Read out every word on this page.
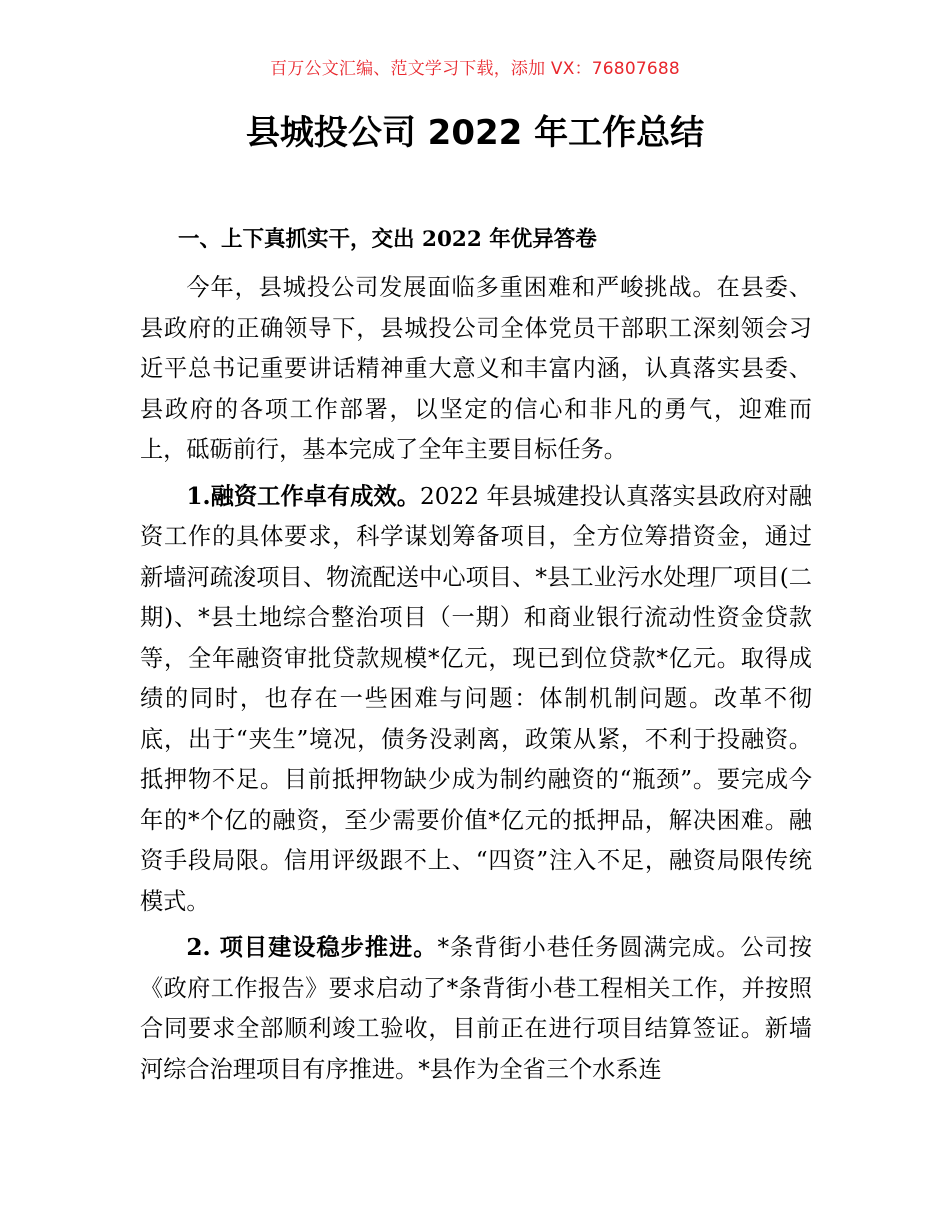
百万公文汇编、范文学习下载，添加 VX：76807688
县城投公司 2022 年工作总结
一、上下真抓实干，交出 2022 年优异答卷

今年，县城投公司发展面临多重困难和严峻挑战。在县委、县政府的正确领导下，县城投公司全体党员干部职工深刻领会习近平总书记重要讲话精神重大意义和丰富内涵，认真落实县委、县政府的各项工作部署，以坚定的信心和非凡的勇气，迎难而上，砥砺前行，基本完成了全年主要目标任务。

1.融资工作卓有成效。2022 年县城建投认真落实县政府对融资工作的具体要求，科学谋划筹备项目，全方位筹措资金，通过新墙河疏浚项目、物流配送中心项目、*县工业污水处理厂项目(二期)、*县土地综合整治项目（一期）和商业银行流动性资金贷款等，全年融资审批贷款规模*亿元，现已到位贷款*亿元。取得成绩的同时，也存在一些困难与问题：体制机制问题。改革不彻底，出于“夹生”境况，债务没剥离，政策从紧，不利于投融资。抵押物不足。目前抵押物缺少成为制约融资的“瓶颈”。要完成今年的*个亿的融资，至少需要价值*亿元的抵押品，解决困难。融资手段局限。信用评级跟不上、“四资”注入不足，融资局限传统模式。

2. 项目建设稳步推进。*条背街小巷任务圆满完成。公司按《政府工作报告》要求启动了*条背街小巷工程相关工作，并按照合同要求全部顺利竣工验收，目前正在进行项目结算签证。新墙河综合治理项目有序推进。*县作为全省三个水系连
